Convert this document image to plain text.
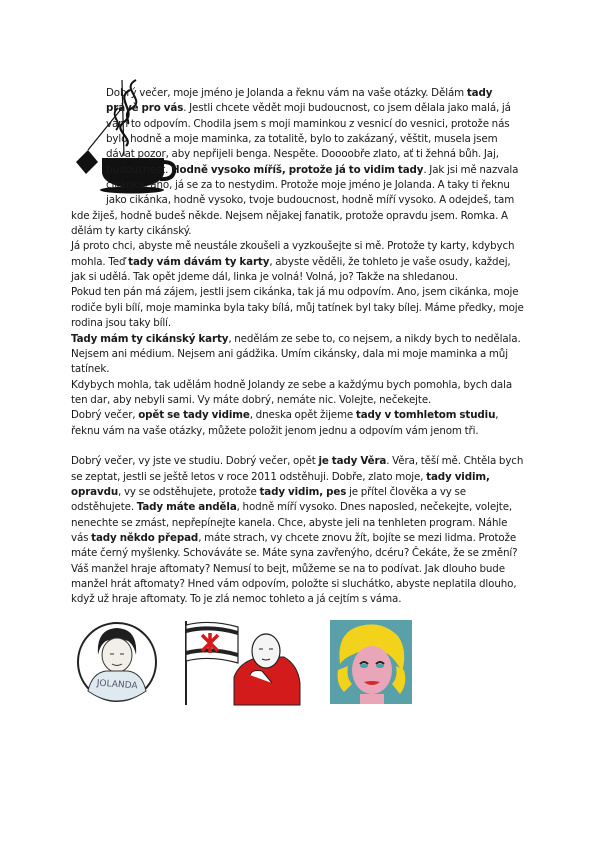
Dobrý večer, moje jméno je Jolanda a řeknu vám na vaše otázky. Dělám tady právě pro vás. Jestli chcete vědět moji budoucnost, co jsem dělala jako malá, já vám to odpovím. Chodila jsem s moji maminkou z vesnicí do vesnici, protože nás bylo hodně a moje maminka, za totalitě, bylo to zakázaný, věštit, musela jsem dávat pozor, aby nepřijeli benga. Nespěte. Doooobře zlato, ať ti žehná bůh. Jaj, budoucnost. Hodně vysoko míříš, protože já to vidim tady. Jak jsi mě nazvala cikánka, ano, já se za to nestydim. Protože moje jméno je Jolanda. A taky ti řeknu jako cikánka, hodně vysoko, tvoje budoucnost, hodně míří vysoko. A odejdeš, tam kde žiješ, hodně budeš někde. Nejsem nějakej fanatik, protože opravdu jsem. Romka. A dělám ty karty cikánský.

Já proto chci, abyste mě neustále zkoušeli a vyzkoušejte si mě. Protože ty karty, kdybych mohla. Teď tady vám dávám ty karty, abyste věděli, že tohleto je vaše osudy, každej, jak si udělá. Tak opět jdeme dál, linka je volná! Volná, jo? Takže na shledanou.

Pokud ten pán má zájem, jestli jsem cikánka, tak já mu odpovím. Ano, jsem cikánka, moje rodiče byli bílí, moje maminka byla taky bílá, můj tatínek byl taky bílej. Máme předky, moje rodina jsou taky bílí.

Tady mám ty cikánský karty, nedělám ze sebe to, co nejsem, a nikdy bych to nedělala. Nejsem ani médium. Nejsem ani gádžika. Umím cikánsky, dala mi moje maminka a můj tatínek.

Kdybych mohla, tak udělám hodně Jolandy ze sebe a každýmu bych pomohla, bych dala ten dar, aby nebyli sami. Vy máte dobrý, nemáte nic. Volejte, nečekejte.

Dobrý večer, opět se tady vidime, dneska opět žijeme tady v tomhletom studiu, řeknu vám na vaše otázky, můžete položit jenom jednu a odpovím vám jenom tři.

Dobrý večer, vy jste ve studiu. Dobrý večer, opět je tady Věra. Věra, těší mě. Chtěla bych se zeptat, jestli se ještě letos v roce 2011 odstěhuji. Dobře, zlato moje, tady vidim, opravdu, vy se odstěhujete, protože tady vidim, pes je přítel člověka a vy se odstěhujete. Tady máte anděla, hodně míří vysoko. Dnes naposled, nečekejte, volejte, nenechte se zmást, nepřepínejte kanela. Chce, abyste jeli na tenhleten program. Náhle vás tady někdo přepad, máte strach, vy chcete znovu žít, bojíte se mezi lidma. Protože máte černý myšlenky. Schováváte se. Máte syna zavřenýho, dcéru? Čekáte, že se změní? Váš manžel hraje aftomaty? Nemusí to bejt, můžeme se na to podívat. Jak dlouho bude manžel hrát aftomaty? Hned vám odpovím, položte si sluchátko, abyste neplatila dlouho, když už hraje aftomaty. To je zlá nemoc tohleto a já cejtím s váma.

JOLANDA
